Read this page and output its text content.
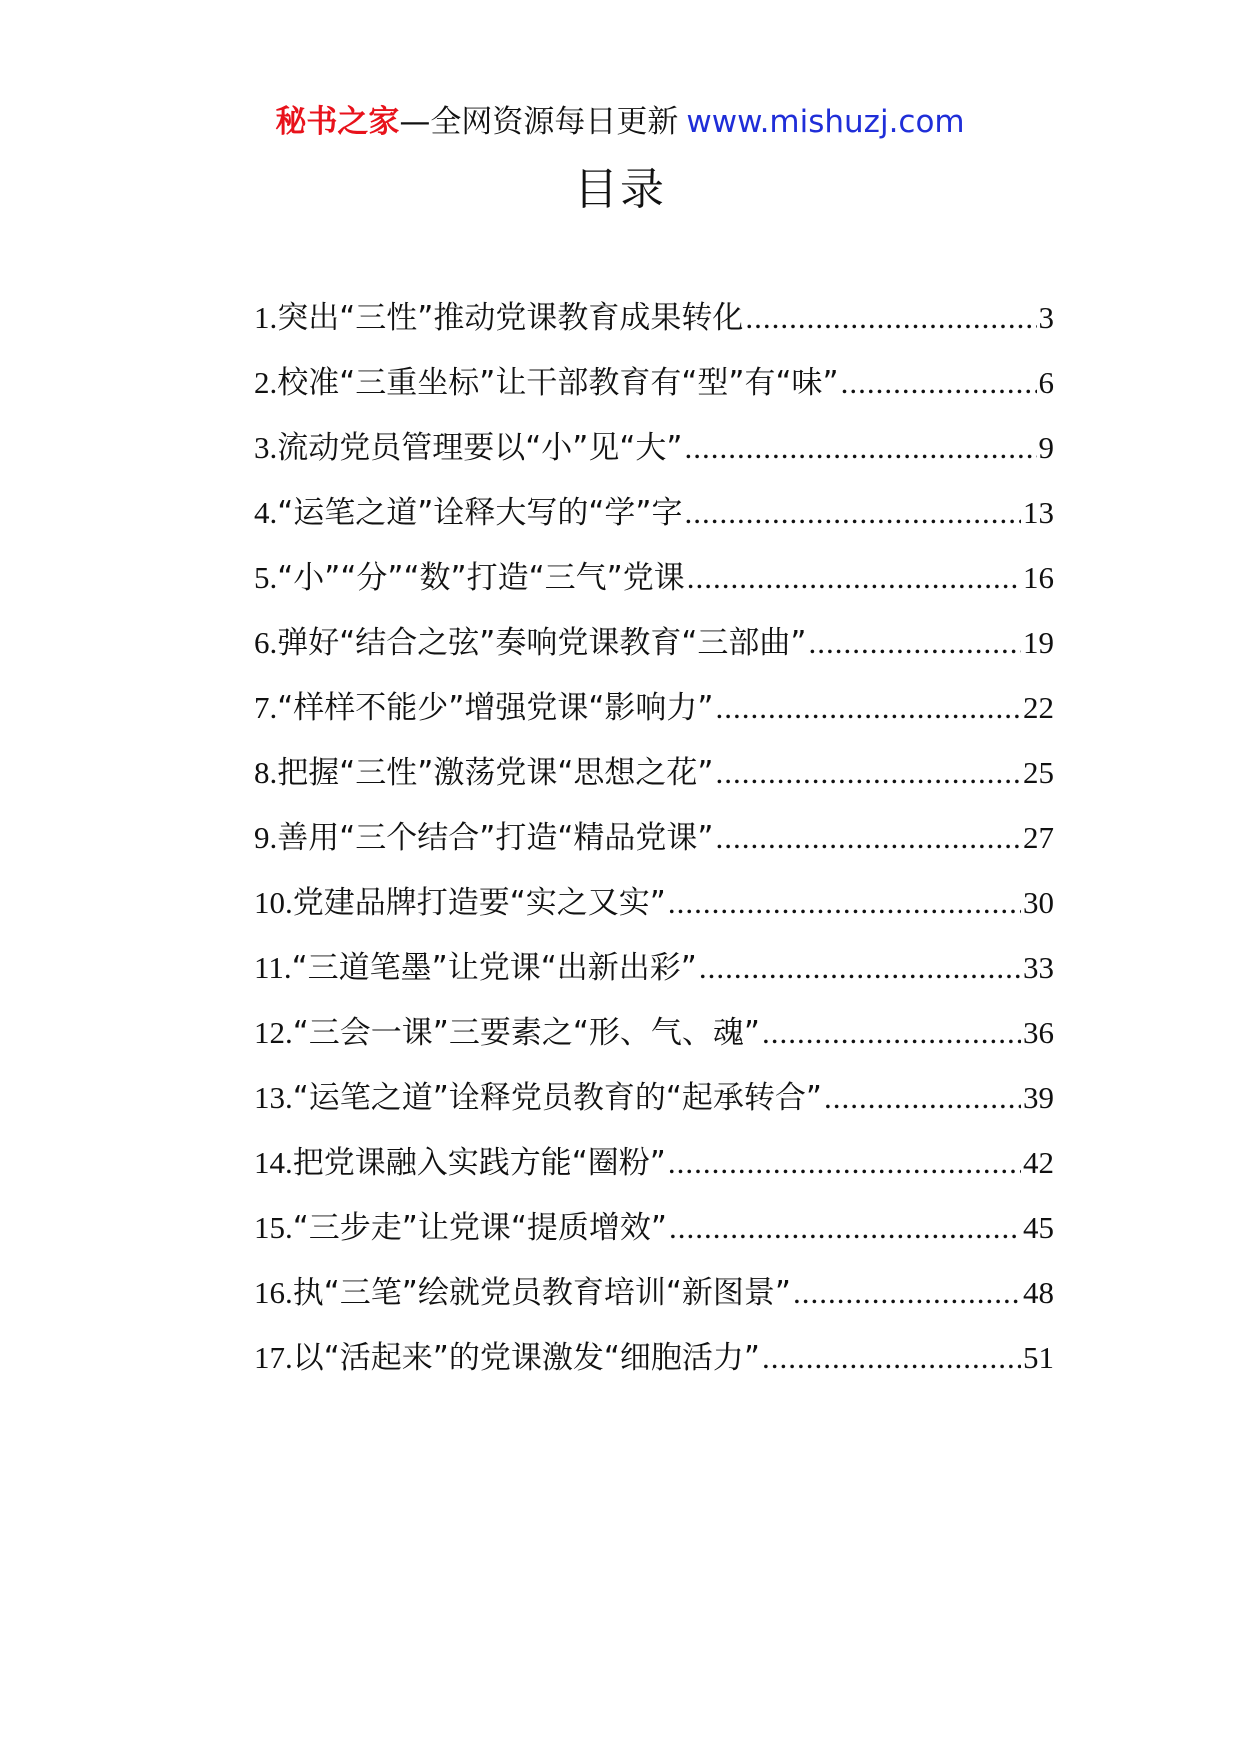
秘书之家—全网资源每日更新 www.mishuzj.com
目录
1. 突出“三性”推动党课教育成果转化 .....	3
2. 校准“三重坐标”让干部教育有“型”有“味” .....	6
3. 流动党员管理要以“小”见“大” .....	9
4. “运笔之道”诠释大写的“学”字 .....	13
5. “小”“分”“数”打造“三气”党课 .....	16
6. 弹好“结合之弦”奏响党课教育“三部曲” .....	19
7. “样样不能少”增强党课“影响力” .....	22
8. 把握“三性”激荡党课“思想之花” .....	25
9. 善用“三个结合”打造“精品党课” .....	27
10. 党建品牌打造要“实之又实” .....	30
11. “三道笔墨”让党课“出新出彩” .....	33
12. “三会一课”三要素之“形、气、魂” .....	36
13. “运笔之道”诠释党员教育的“起承转合” .....	39
14. 把党课融入实践方能“圈粉” .....	42
15. “三步走”让党课“提质增效” .....	45
16. 执“三笔”绘就党员教育培训“新图景” .....	48
17. 以“活起来”的党课激发“细胞活力” .....	51
